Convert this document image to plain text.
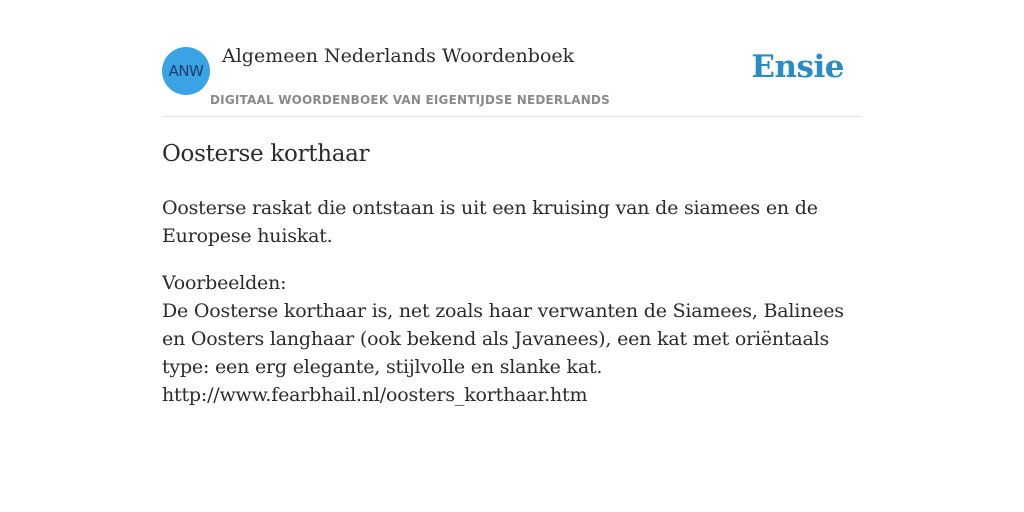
ANW
Algemeen Nederlands Woordenboek
DIGITAAL WOORDENBOEK VAN EIGENTIJDSE NEDERLANDS
Ensie
Oosterse korthaar

Oosterse raskat die ontstaan is uit een kruising van de siamees en de Europese huiskat.

Voorbeelden:
De Oosterse korthaar is, net zoals haar verwanten de Siamees, Balinees en Oosters langhaar (ook bekend als Javanees), een kat met oriëntaals type: een erg elegante, stijlvolle en slanke kat.
http://www.fearbhail.nl/oosters_korthaar.htm
